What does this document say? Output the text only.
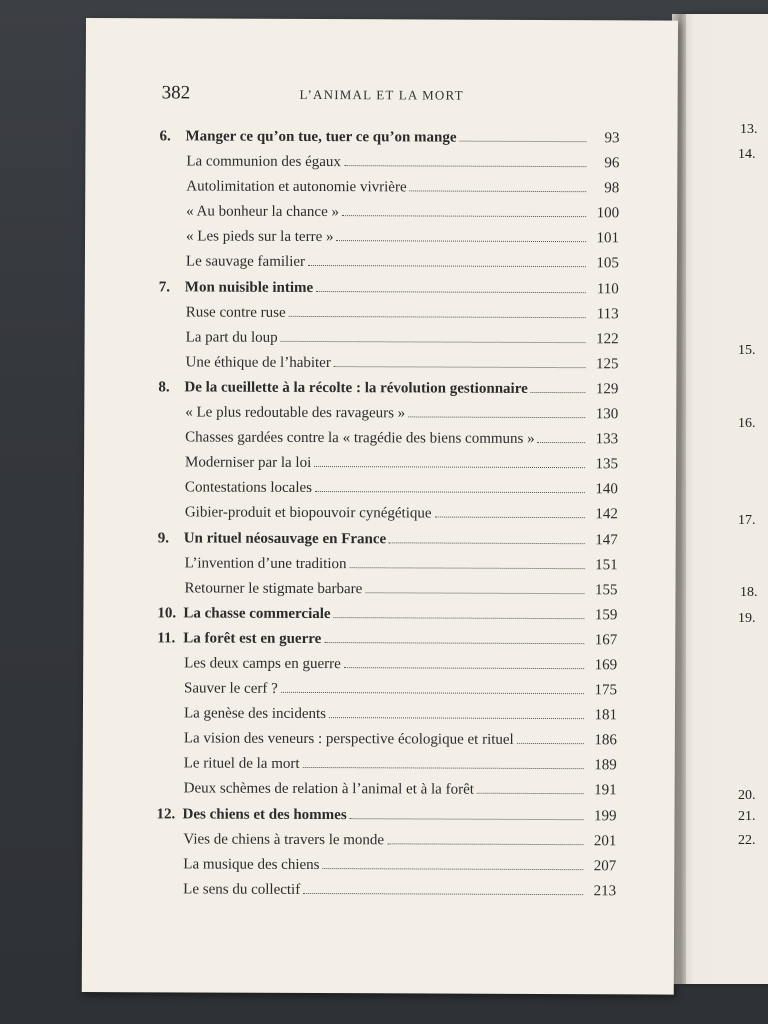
382	L’ANIMAL ET LA MORT
6. Manger ce qu’on tue, tuer ce qu’on mange	93
La communion des égaux	96
Autolimitation et autonomie vivrière	98
« Au bonheur la chance »	100
« Les pieds sur la terre »	101
Le sauvage familier	105
7. Mon nuisible intime	110
Ruse contre ruse	113
La part du loup	122
Une éthique de l’habiter	125
8. De la cueillette à la récolte : la révolution gestionnaire	129
« Le plus redoutable des ravageurs »	130
Chasses gardées contre la « tragédie des biens communs »	133
Moderniser par la loi	135
Contestations locales	140
Gibier-produit et biopouvoir cynégétique	142
9. Un rituel néosauvage en France	147
L’invention d’une tradition	151
Retourner le stigmate barbare	155
10. La chasse commerciale	159
11. La forêt est en guerre	167
Les deux camps en guerre	169
Sauver le cerf ?	175
La genèse des incidents	181
La vision des veneurs : perspective écologique et rituel	186
Le rituel de la mort	189
Deux schèmes de relation à l’animal et à la forêt	191
12. Des chiens et des hommes	199
Vies de chiens à travers le monde	201
La musique des chiens	207
Le sens du collectif	213
13.
14.
15.
16.
17.
18.
19.
20.
21.
22.
